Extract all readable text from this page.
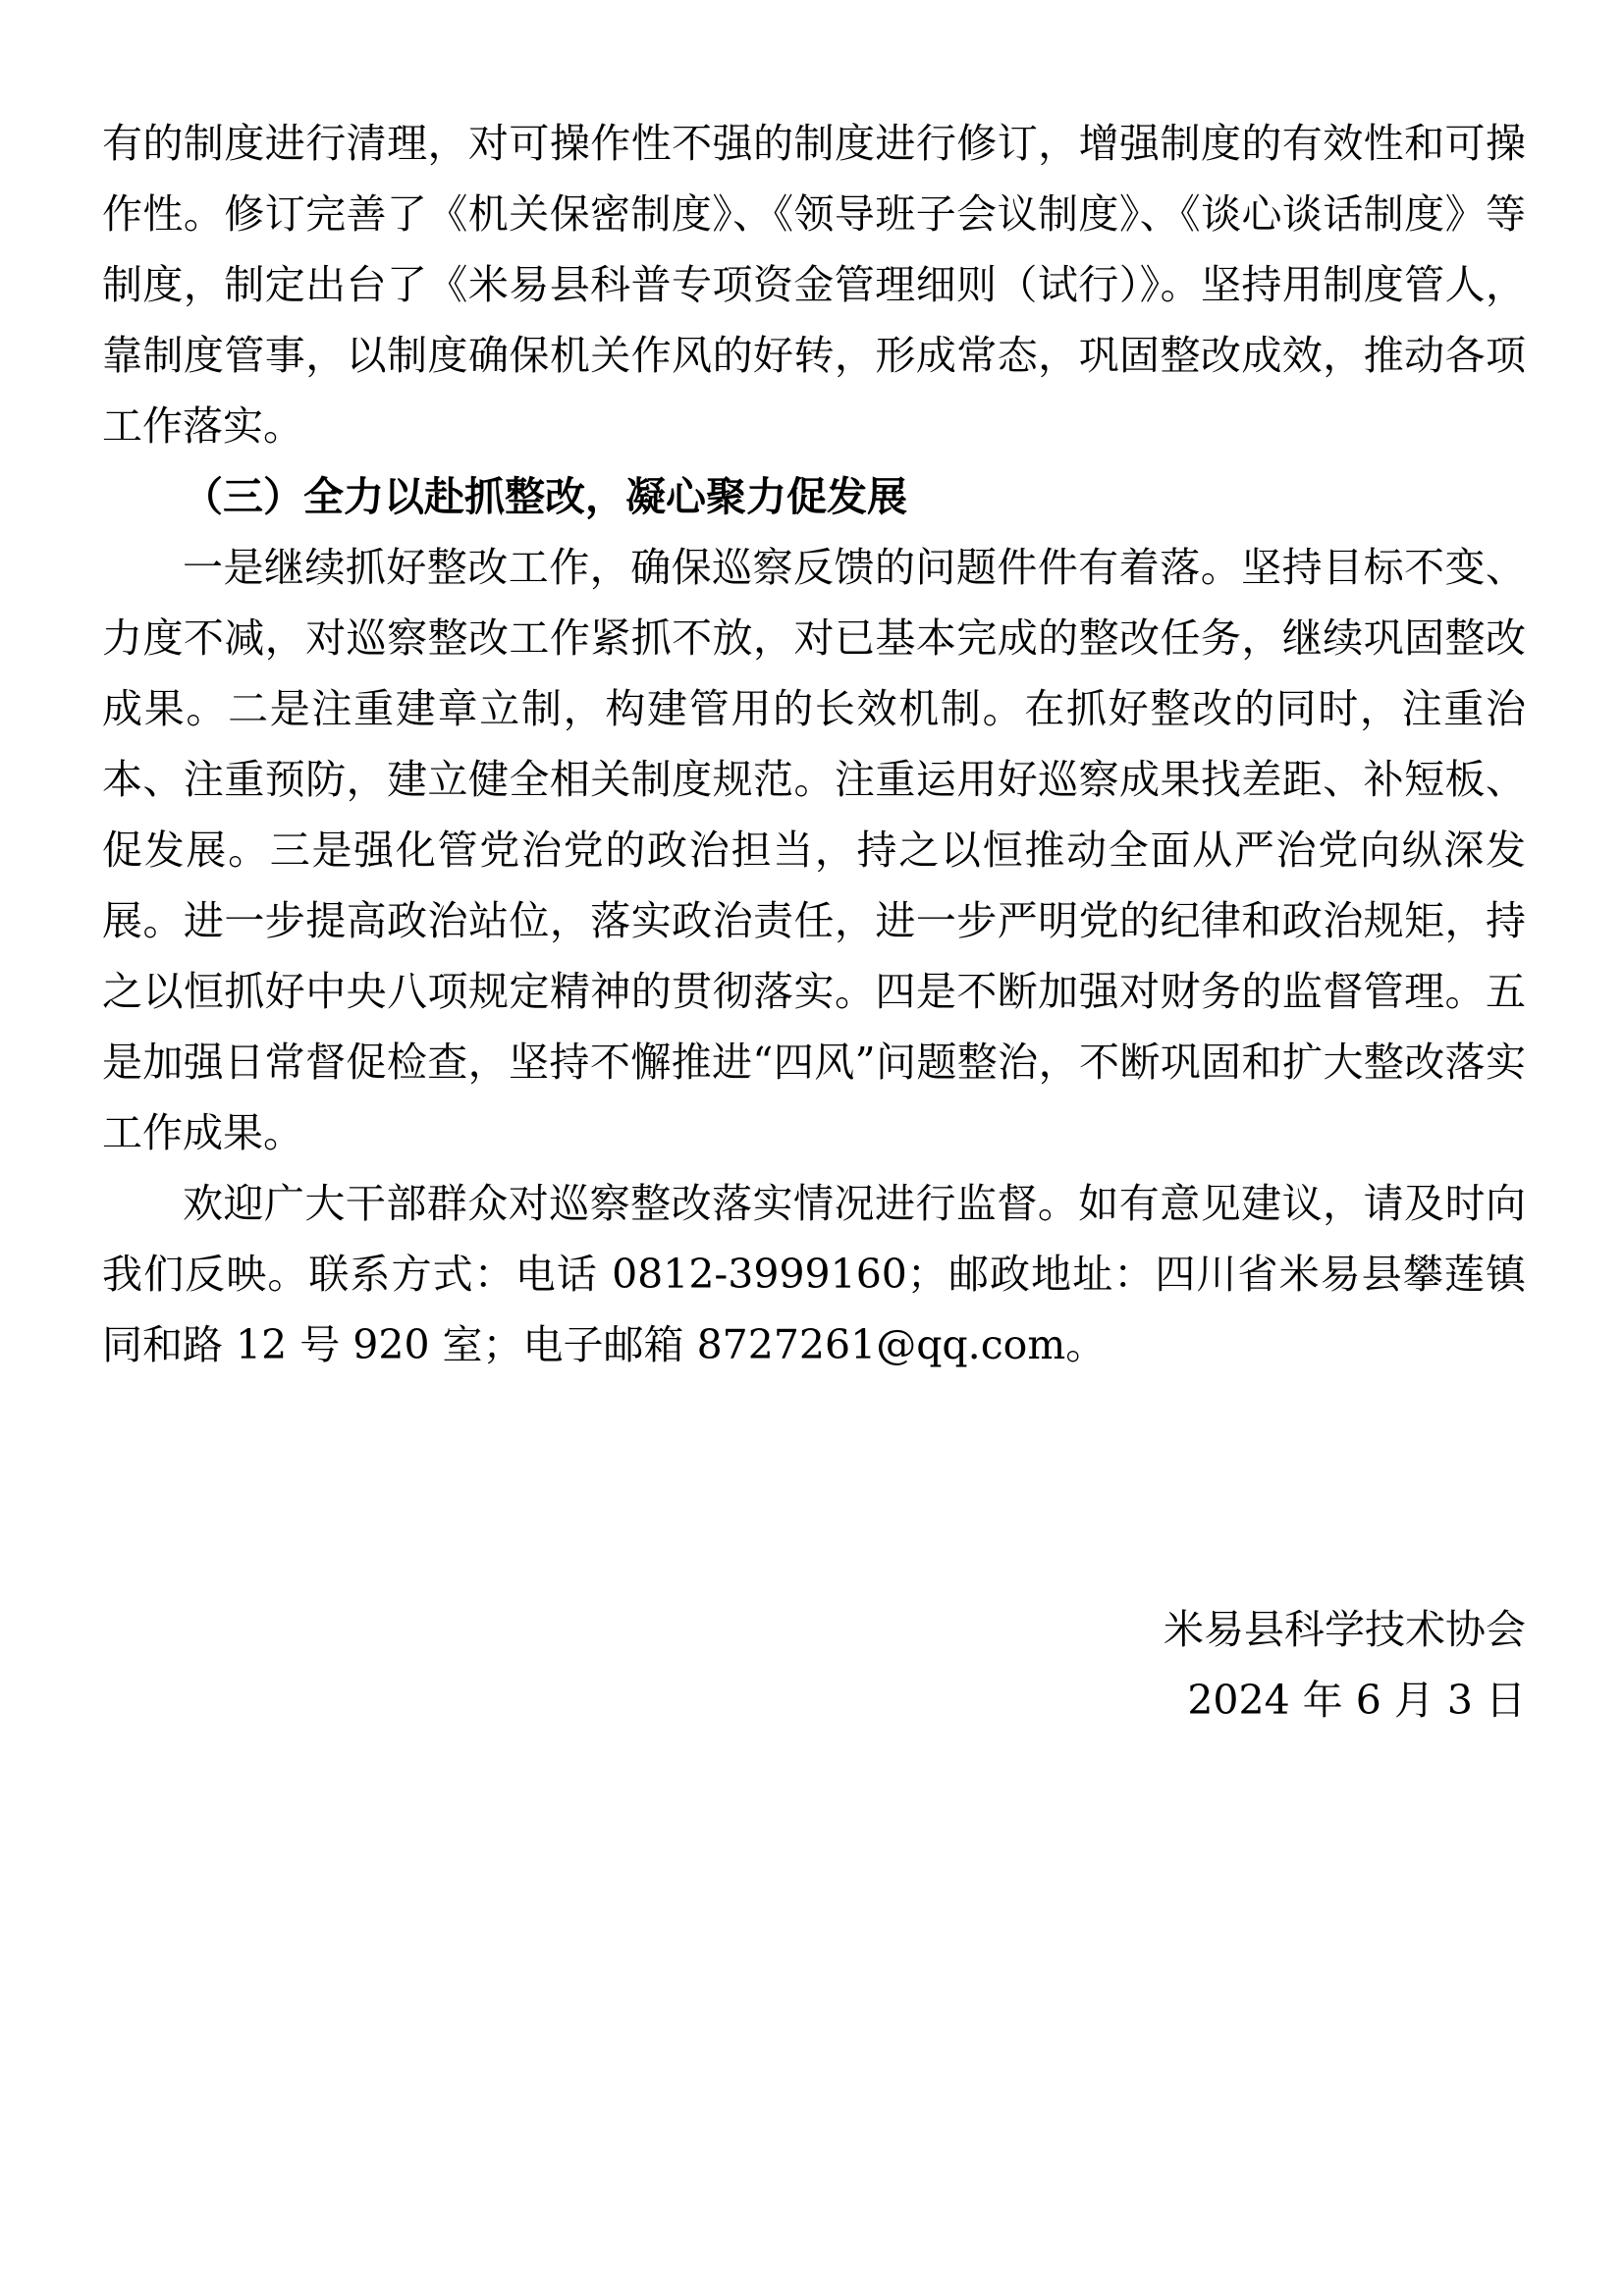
有的制度进行清理，对可操作性不强的制度进行修订，增强制度的有效性和可操作性。修订完善了《机关保密制度》、《领导班子会议制度》、《谈心谈话制度》等制度，制定出台了《米易县科普专项资金管理细则（试行）》。坚持用制度管人，靠制度管事，以制度确保机关作风的好转，形成常态，巩固整改成效，推动各项工作落实。

（三）全力以赴抓整改，凝心聚力促发展

一是继续抓好整改工作，确保巡察反馈的问题件件有着落。坚持目标不变、力度不减，对巡察整改工作紧抓不放，对已基本完成的整改任务，继续巩固整改成果。二是注重建章立制，构建管用的长效机制。在抓好整改的同时，注重治本、注重预防，建立健全相关制度规范。注重运用好巡察成果找差距、补短板、促发展。三是强化管党治党的政治担当，持之以恒推动全面从严治党向纵深发展。进一步提高政治站位，落实政治责任，进一步严明党的纪律和政治规矩，持之以恒抓好中央八项规定精神的贯彻落实。四是不断加强对财务的监督管理。五是加强日常督促检查，坚持不懈推进“四风”问题整治，不断巩固和扩大整改落实工作成果。

欢迎广大干部群众对巡察整改落实情况进行监督。如有意见建议，请及时向我们反映。联系方式：电话 0812-3999160；邮政地址：四川省米易县攀莲镇同和路 12 号 920 室；电子邮箱 8727261@qq.com。

米易县科学技术协会

2024 年 6 月 3 日
